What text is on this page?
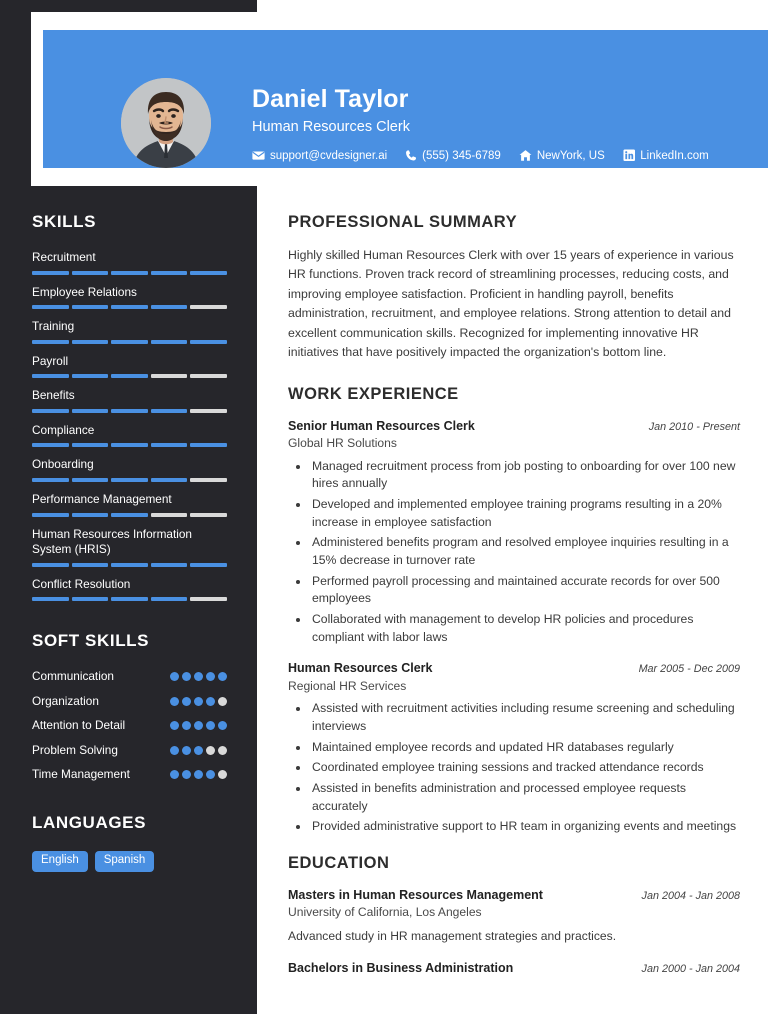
Daniel Taylor
Human Resources Clerk
support@cvdesigner.ai	(555) 345-6789	NewYork, US	LinkedIn.com
SKILLS
Recruitment
Employee Relations
Training
Payroll
Benefits
Compliance
Onboarding
Performance Management
Human Resources Information System (HRIS)
Conflict Resolution
SOFT SKILLS
Communication
Organization
Attention to Detail
Problem Solving
Time Management
LANGUAGES
English	Spanish
PROFESSIONAL SUMMARY

Highly skilled Human Resources Clerk with over 15 years of experience in various HR functions. Proven track record of streamlining processes, reducing costs, and improving employee satisfaction. Proficient in handling payroll, benefits administration, recruitment, and employee relations. Strong attention to detail and excellent communication skills. Recognized for implementing innovative HR initiatives that have positively impacted the organization's bottom line.

WORK EXPERIENCE
Senior Human Resources Clerk	Jan 2010 - Present
Global HR Solutions
• Managed recruitment process from job posting to onboarding for over 100 new hires annually
• Developed and implemented employee training programs resulting in a 20% increase in employee satisfaction
• Administered benefits program and resolved employee inquiries resulting in a 15% decrease in turnover rate
• Performed payroll processing and maintained accurate records for over 500 employees
• Collaborated with management to develop HR policies and procedures compliant with labor laws
Human Resources Clerk	Mar 2005 - Dec 2009
Regional HR Services
• Assisted with recruitment activities including resume screening and scheduling interviews
• Maintained employee records and updated HR databases regularly
• Coordinated employee training sessions and tracked attendance records
• Assisted in benefits administration and processed employee requests accurately
• Provided administrative support to HR team in organizing events and meetings
EDUCATION
Masters in Human Resources Management	Jan 2004 - Jan 2008
University of California, Los Angeles
Advanced study in HR management strategies and practices.
Bachelors in Business Administration	Jan 2000 - Jan 2004
